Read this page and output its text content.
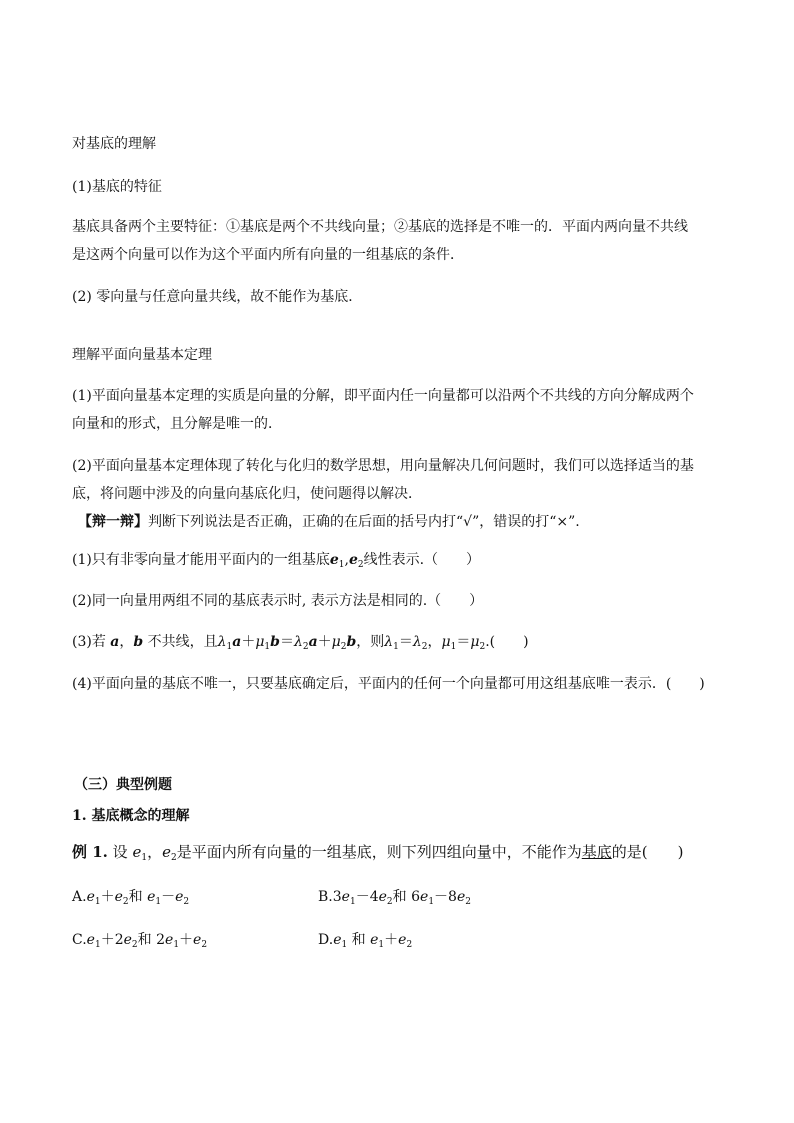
对基底的理解
(1)基底的特征
基底具备两个主要特征：①基底是两个不共线向量；②基底的选择是不唯一的．平面内两向量不共线
是这两个向量可以作为这个平面内所有向量的一组基底的条件．
(2) 零向量与任意向量共线，故不能作为基底．
理解平面向量基本定理
(1)平面向量基本定理的实质是向量的分解，即平面内任一向量都可以沿两个不共线的方向分解成两个
向量和的形式，且分解是唯一的．
(2)平面向量基本定理体现了转化与化归的数学思想，用向量解决几何问题时，我们可以选择适当的基
底，将问题中涉及的向量向基底化归，使问题得以解决．
【辩一辩】判断下列说法是否正确，正确的在后面的括号内打“√”，错误的打“×”.
(1)只有非零向量才能用平面内的一组基底$e_1,e_2$线性表示.（　　）
(2)同一向量用两组不同的基底表示时, 表示方法是相同的.（　　）
(3)若 a，b 不共线，且$\lambda_1a+\mu_1b=\lambda_2a+\mu_2b$，则$\lambda_1=\lambda_2$，$\mu_1=\mu_2$.(　　)
(4)平面向量的基底不唯一，只要基底确定后，平面内的任何一个向量都可用这组基底唯一表示．(　　)
（三）典型例题
1. 基底概念的理解
例 1. 设 $e_1$，$e_2$是平面内所有向量的一组基底，则下列四组向量中，不能作为基底的是(　　)
$A.e_1+e_2$和 $e_1-e_2$	$B.3e_1-4e_2$和 $6e_1-8e_2$
$C.e_1+2e_2$和 $2e_1+e_2$	$D.e_1$ 和 $e_1+e_2$
